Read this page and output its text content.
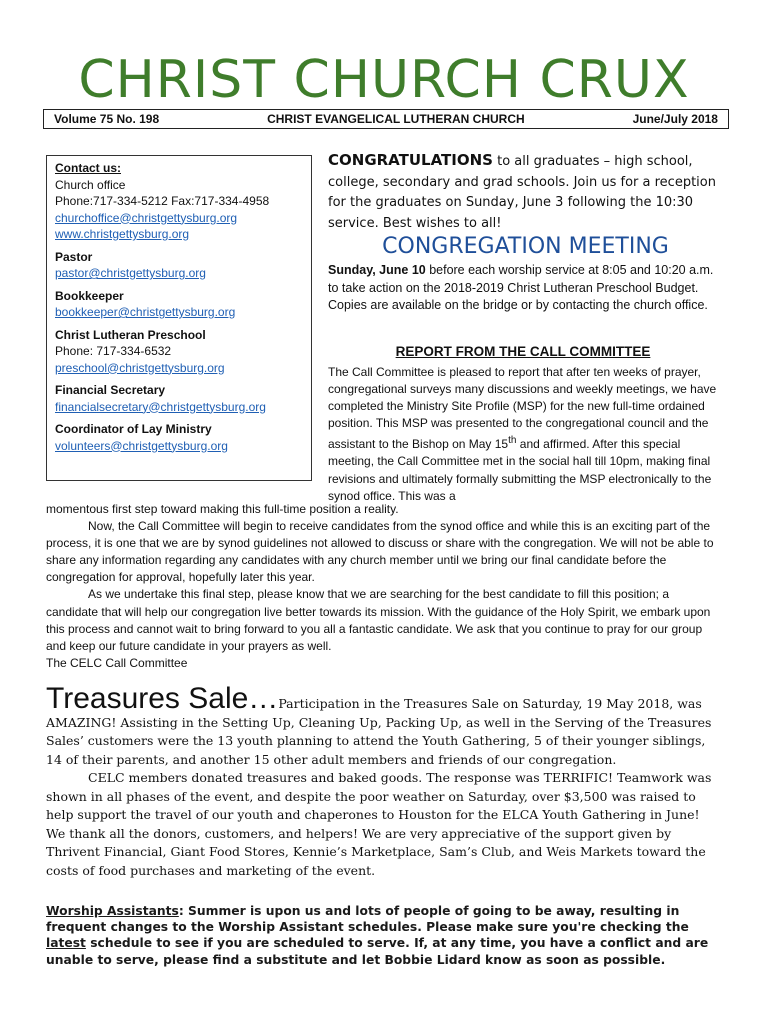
CHRIST CHURCH CRUX
Volume 75 No. 198	CHRIST EVANGELICAL LUTHERAN CHURCH	June/July 2018
Contact us:
Church office
Phone:717-334-5212 Fax:717-334-4958
churchoffice@christgettysburg.org
www.christgettysburg.org
Pastor
pastor@christgettysburg.org
Bookkeeper
bookkeeper@christgettysburg.org
Christ Lutheran Preschool
Phone: 717-334-6532
preschool@christgettysburg.org
Financial Secretary
financialsecretary@christgettysburg.org
Coordinator of Lay Ministry
volunteers@christgettysburg.org
CONGRATULATIONS to all graduates – high school, college, secondary and grad schools. Join us for a reception for the graduates on Sunday, June 3 following the 10:30 service. Best wishes to all!
CONGREGATION MEETING
Sunday, June 10 before each worship service at 8:05 and 10:20 a.m. to take action on the 2018-2019 Christ Lutheran Preschool Budget. Copies are available on the bridge or by contacting the church office.
REPORT FROM THE CALL COMMITTEE
The Call Committee is pleased to report that after ten weeks of prayer, congregational surveys many discussions and weekly meetings, we have completed the Ministry Site Profile (MSP) for the new full-time ordained position. This MSP was presented to the congregational council and the assistant to the Bishop on May 15th and affirmed. After this special meeting, the Call Committee met in the social hall till 10pm, making final revisions and ultimately formally submitting the MSP electronically to the synod office. This was a

momentous first step toward making this full-time position a reality.

Now, the Call Committee will begin to receive candidates from the synod office and while this is an exciting part of the process, it is one that we are by synod guidelines not allowed to discuss or share with the congregation. We will not be able to share any information regarding any candidates with any church member until we bring our final candidate before the congregation for approval, hopefully later this year.

As we undertake this final step, please know that we are searching for the best candidate to fill this position; a candidate that will help our congregation live better towards its mission. With the guidance of the Holy Spirit, we embark upon this process and cannot wait to bring forward to you all a fantastic candidate. We ask that you continue to pray for our group and keep our future candidate in your prayers as well.

The CELC Call Committee

Treasures Sale…Participation in the Treasures Sale on Saturday, 19 May 2018, was AMAZING! Assisting in the Setting Up, Cleaning Up, Packing Up, as well in the Serving of the Treasures Sales’ customers were the 13 youth planning to attend the Youth Gathering, 5 of their younger siblings, 14 of their parents, and another 15 other adult members and friends of our congregation.

CELC members donated treasures and baked goods. The response was TERRIFIC! Teamwork was shown in all phases of the event, and despite the poor weather on Saturday, over $3,500 was raised to help support the travel of our youth and chaperones to Houston for the ELCA Youth Gathering in June! We thank all the donors, customers, and helpers! We are very appreciative of the support given by Thrivent Financial, Giant Food Stores, Kennie’s Marketplace, Sam’s Club, and Weis Markets toward the costs of food purchases and marketing of the event.

Worship Assistants: Summer is upon us and lots of people of going to be away, resulting in frequent changes to the Worship Assistant schedules. Please make sure you're checking the latest schedule to see if you are scheduled to serve. If, at any time, you have a conflict and are unable to serve, please find a substitute and let Bobbie Lidard know as soon as possible.
